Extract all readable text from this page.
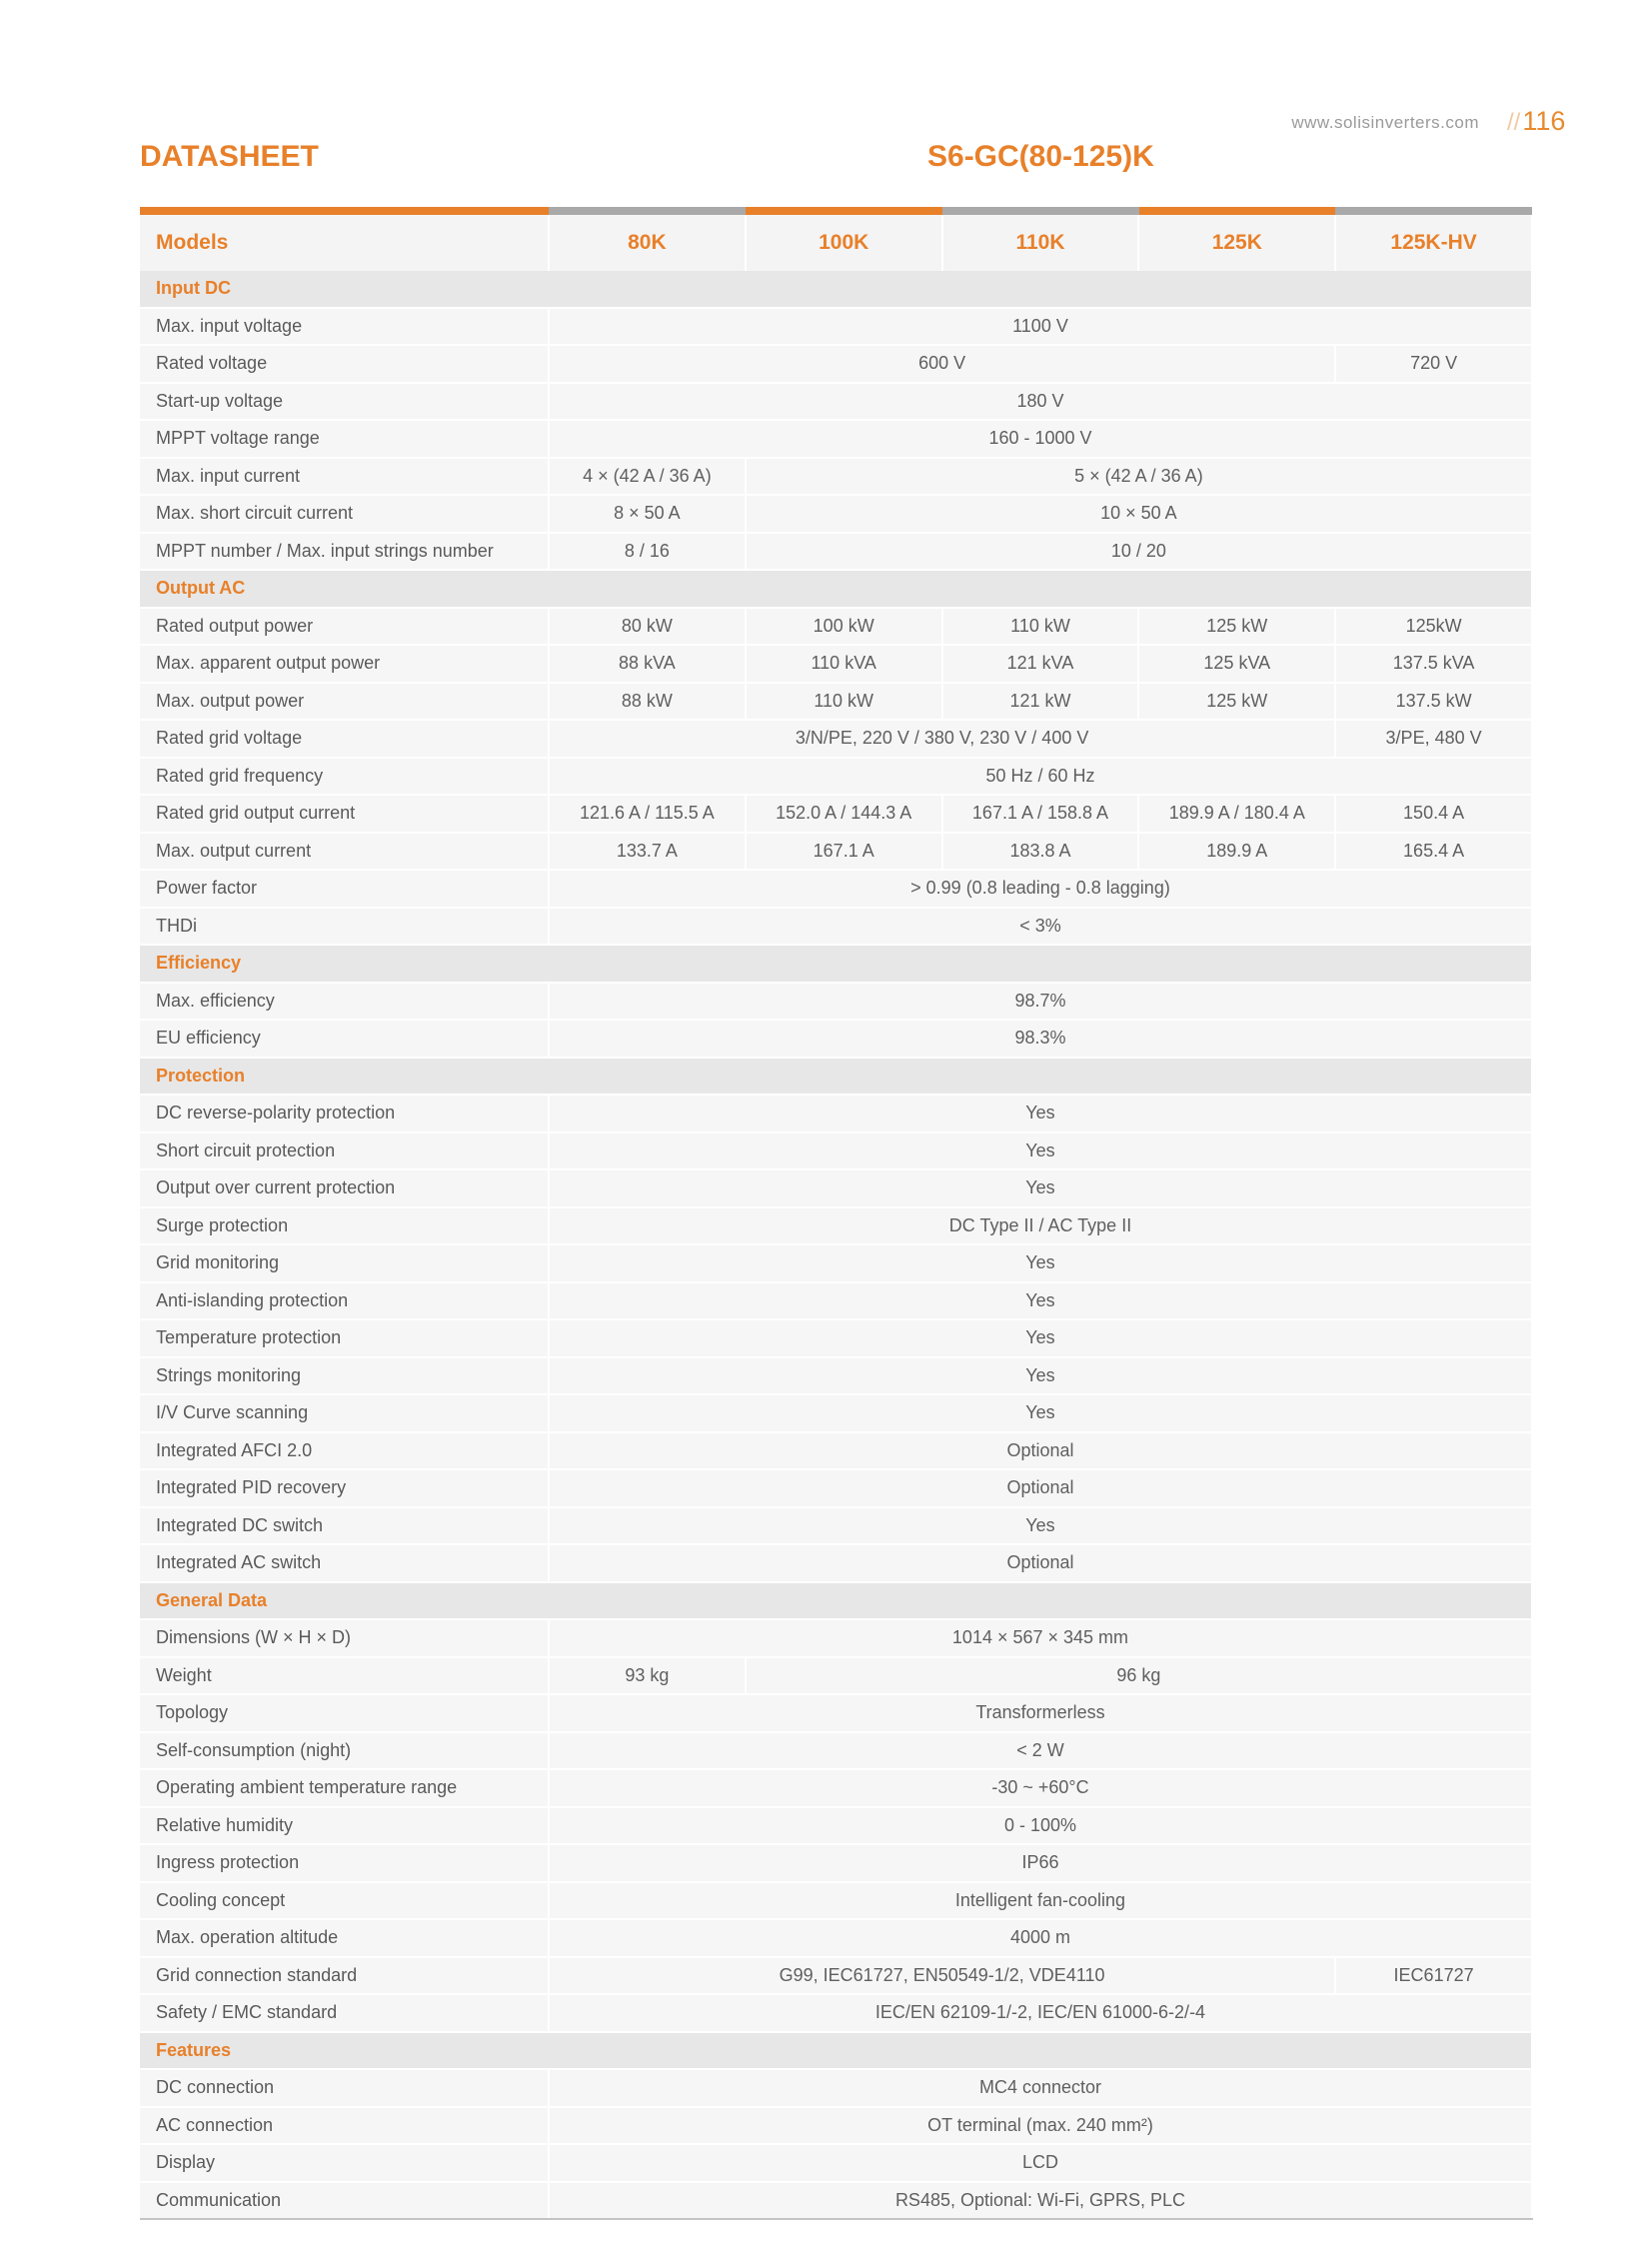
www.solisinverters.com //116
DATASHEET	S6-GC(80-125)K
Models	80K	100K	110K	125K	125K-HV
Input DC					
Max. input voltage	1100 V				
Rated voltage	600 V				720 V
Start-up voltage	180 V				
MPPT voltage range	160 - 1000 V				
Max. input current	4 × (42 A / 36 A)	5 × (42 A / 36 A)			
Max. short circuit current	8 × 50 A	10 × 50 A			
MPPT number / Max. input strings number	8 / 16	10 / 20			
Output AC					
Rated output power	80 kW	100 kW	110 kW	125 kW	125kW
Max. apparent output power	88 kVA	110 kVA	121 kVA	125 kVA	137.5 kVA
Max. output power	88 kW	110 kW	121 kW	125 kW	137.5 kW
Rated grid voltage	3/N/PE, 220 V / 380 V, 230 V / 400 V				3/PE, 480 V
Rated grid frequency	50 Hz / 60 Hz				
Rated grid output current	121.6 A / 115.5 A	152.0 A / 144.3 A	167.1 A / 158.8 A	189.9 A / 180.4 A	150.4 A
Max. output current	133.7 A	167.1 A	183.8 A	189.9 A	165.4 A
Power factor	> 0.99 (0.8 leading - 0.8 lagging)				
THDi	< 3%				
Efficiency					
Max. efficiency	98.7%				
EU efficiency	98.3%				
Protection					
DC reverse-polarity protection	Yes				
Short circuit protection	Yes				
Output over current protection	Yes				
Surge protection	DC Type II / AC Type II				
Grid monitoring	Yes				
Anti-islanding protection	Yes				
Temperature protection	Yes				
Strings monitoring	Yes				
I/V Curve scanning	Yes				
Integrated AFCI 2.0	Optional				
Integrated PID recovery	Optional				
Integrated DC switch	Yes				
Integrated AC switch	Optional				
General Data					
Dimensions (W × H × D)	1014 × 567 × 345 mm				
Weight	93 kg	96 kg			
Topology	Transformerless				
Self-consumption (night)	< 2 W				
Operating ambient temperature range	-30 ~ +60°C				
Relative humidity	0 - 100%				
Ingress protection	IP66				
Cooling concept	Intelligent fan-cooling				
Max. operation altitude	4000 m				
Grid connection standard	G99, IEC61727, EN50549-1/2, VDE4110				IEC61727
Safety / EMC standard	IEC/EN 62109-1/-2, IEC/EN 61000-6-2/-4				
Features					
DC connection	MC4 connector				
AC connection	OT terminal (max. 240 mm²)				
Display	LCD				
Communication	RS485, Optional: Wi-Fi, GPRS, PLC				
